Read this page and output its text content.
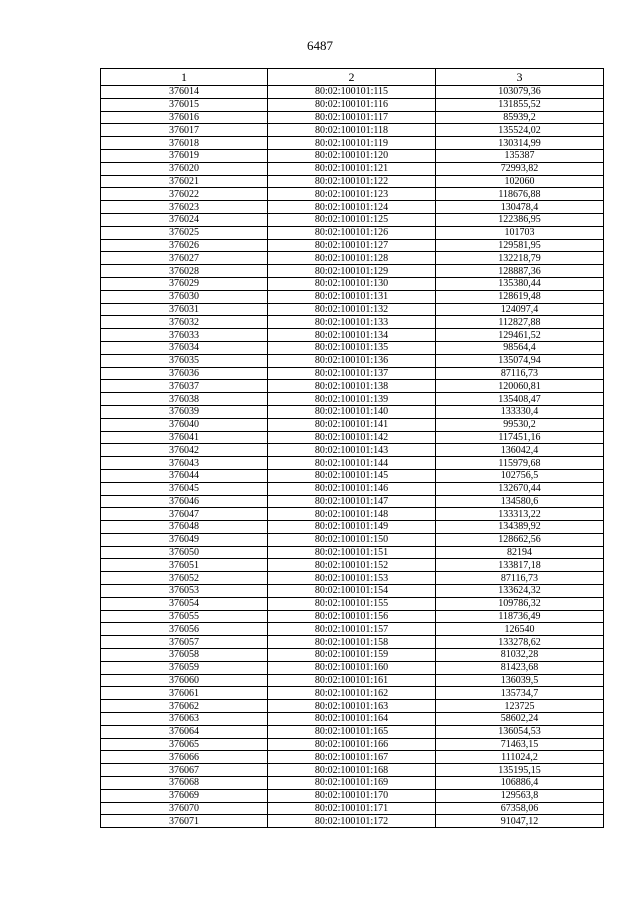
6487
1	2	3
376014	80:02:100101:115	103079,36
376015	80:02:100101:116	131855,52
376016	80:02:100101:117	85939,2
376017	80:02:100101:118	135524,02
376018	80:02:100101:119	130314,99
376019	80:02:100101:120	135387
376020	80:02:100101:121	72993,82
376021	80:02:100101:122	102060
376022	80:02:100101:123	118676,88
376023	80:02:100101:124	130478,4
376024	80:02:100101:125	122386,95
376025	80:02:100101:126	101703
376026	80:02:100101:127	129581,95
376027	80:02:100101:128	132218,79
376028	80:02:100101:129	128887,36
376029	80:02:100101:130	135380,44
376030	80:02:100101:131	128619,48
376031	80:02:100101:132	124097,4
376032	80:02:100101:133	112827,88
376033	80:02:100101:134	129461,52
376034	80:02:100101:135	98564,4
376035	80:02:100101:136	135074,94
376036	80:02:100101:137	87116,73
376037	80:02:100101:138	120060,81
376038	80:02:100101:139	135408,47
376039	80:02:100101:140	133330,4
376040	80:02:100101:141	99530,2
376041	80:02:100101:142	117451,16
376042	80:02:100101:143	136042,4
376043	80:02:100101:144	115979,68
376044	80:02:100101:145	102756,5
376045	80:02:100101:146	132670,44
376046	80:02:100101:147	134580,6
376047	80:02:100101:148	133313,22
376048	80:02:100101:149	134389,92
376049	80:02:100101:150	128662,56
376050	80:02:100101:151	82194
376051	80:02:100101:152	133817,18
376052	80:02:100101:153	87116,73
376053	80:02:100101:154	133624,32
376054	80:02:100101:155	109786,32
376055	80:02:100101:156	118736,49
376056	80:02:100101:157	126540
376057	80:02:100101:158	133278,62
376058	80:02:100101:159	81032,28
376059	80:02:100101:160	81423,68
376060	80:02:100101:161	136039,5
376061	80:02:100101:162	135734,7
376062	80:02:100101:163	123725
376063	80:02:100101:164	58602,24
376064	80:02:100101:165	136054,53
376065	80:02:100101:166	71463,15
376066	80:02:100101:167	111024,2
376067	80:02:100101:168	135195,15
376068	80:02:100101:169	106886,4
376069	80:02:100101:170	129563,8
376070	80:02:100101:171	67358,06
376071	80:02:100101:172	91047,12
